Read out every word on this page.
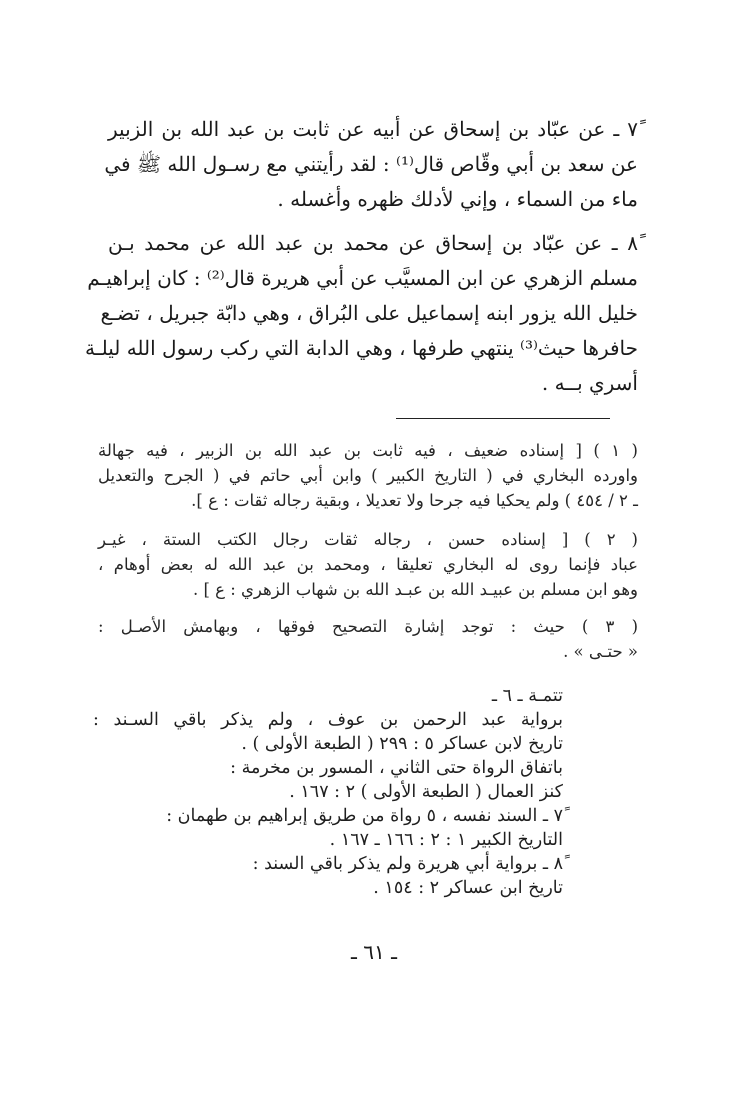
٧ً ـ عن عبّاد بن إسحاق عن أبيه عن ثابت بن عبد الله بن الزبير
عن سعد بن أبي وقّاص قال⁽¹⁾ : لقد رأيتني مع رسـول الله ﷺ في
ماء من السماء ، وإني لأدلك ظهره وأغسله .
٨ً ـ عن عبّاد بن إسحاق عن محمد بن عبد الله عن محمد بـن
مسلم الزهري عن ابن المسيَّب عن أبي هريرة قال⁽²⁾ : كان إبراهيـم
خليل الله يزور ابنه إسماعيل على البُراق ، وهي دابّة جبريل ، تضـع
حافرها حيث⁽³⁾ ينتهي طرفها ، وهي الدابة التي ركب رسول الله ليلـة
أسري بــه .
( ١ ) [ إسناده ضعيف ، فيه ثابت بن عبد الله بن الزبير ، فيه جهالة
واورده البخاري في ( التاريخ الكبير ) وابن أبي حاتم في ( الجرح والتعديل
ـ ٢ / ٤٥٤ ) ولم يحكيا فيه جرحا ولا تعديلا ، وبقية رجاله ثقات : ع ].
( ٢ ) [ إسناده حسن ، رجاله ثقات رجال الكتب الستة ، غيـر
عباد فإنما روى له البخاري تعليقا ، ومحمد بن عبد الله له بعض أوهام ،
وهو ابن مسلم بن عبيـد الله بن عبـد الله بن شهاب الزهري : ع ] .
( ٣ ) حيث : توجد إشارة التصحيح فوقها ، وبهامش الأصـل :
« حتـى » .
تتمـة ـ ٦ ـ
برواية عبد الرحمن بن عوف ، ولم يذكر باقي السـند :
تاريخ لابن عساكر ٥ : ٢٩٩ ( الطبعة الأولى ) .
باتفاق الرواة حتى الثاني ، المسور بن مخرمة :
كنز العمال ( الطبعة الأولى ) ٢ : ١٦٧ .
٧ً ـ السند نفسه ، ٥ رواة من طريق إبراهيم بن طهمان :
التاريخ الكبير ١ : ٢ : ١٦٦ ـ ١٦٧ .
٨ً ـ برواية أبي هريرة ولم يذكر باقي السند :
تاريخ ابن عساكر ٢ : ١٥٤ .
ـ ٦١ ـ
